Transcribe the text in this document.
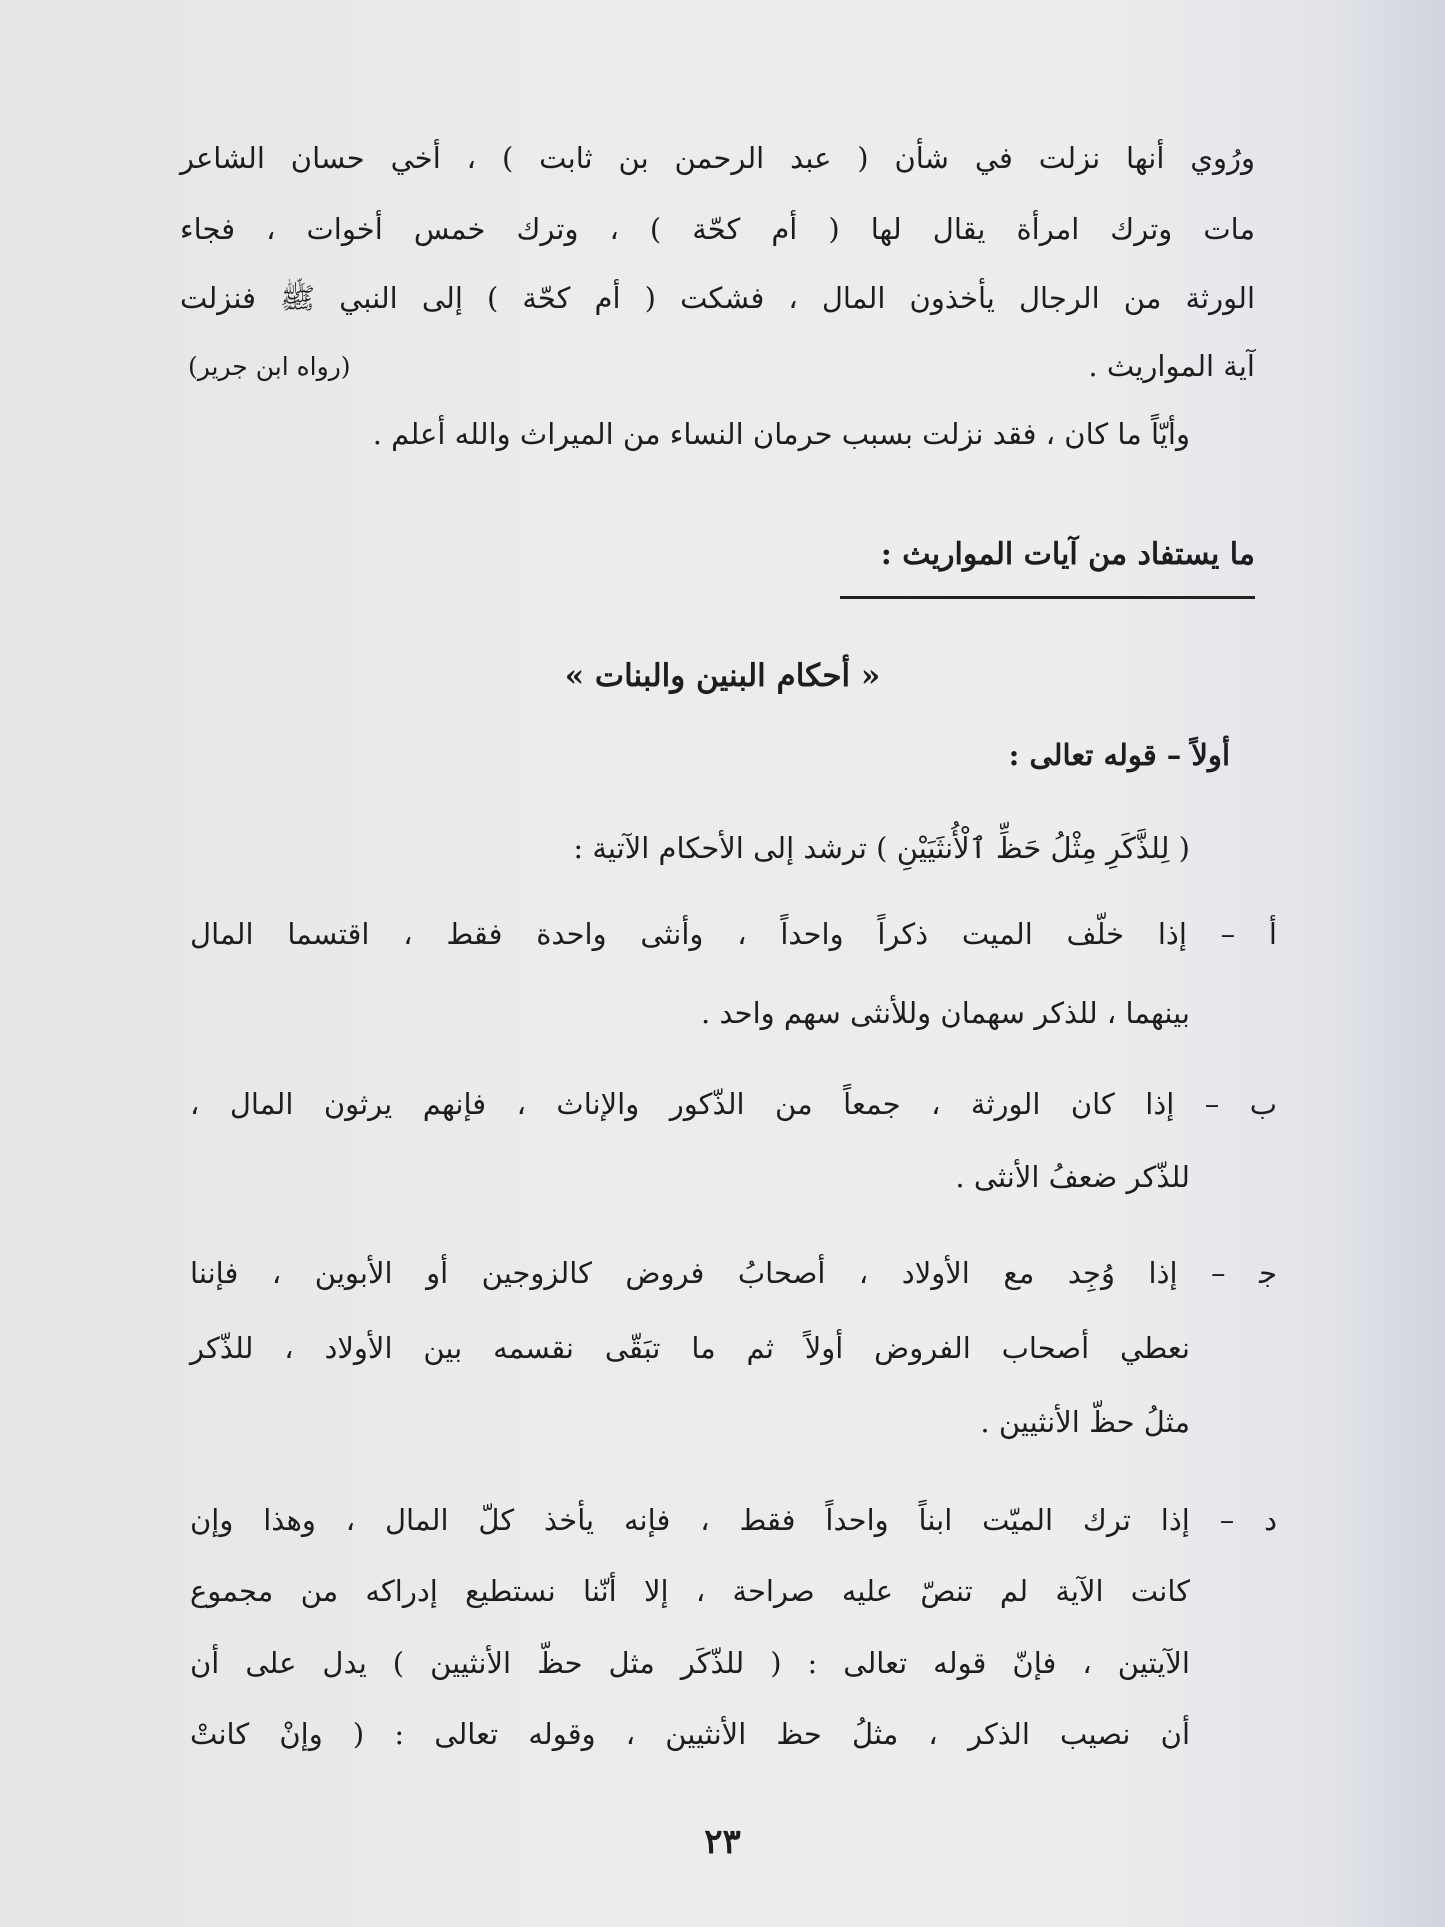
ورُوي أنها نزلت في شأن ( عبد الرحمن بن ثابت ) ، أخي حسان الشاعر
مات وترك امرأة يقال لها ( أم كحّة ) ، وترك خمس أخوات ، فجاء
الورثة من الرجال يأخذون المال ، فشكت ( أم كحّة ) إلى النبي ﷺ فنزلت
آية المواريث .
(رواه ابن جرير)
وأيّاً ما كان ، فقد نزلت بسبب حرمان النساء من الميراث والله أعلم .
ما يستفاد من آيات المواريث :
« أحكام البنين والبنات »
أولاً – قوله تعالى :
( لِلذَّكَرِ مِثْلُ حَظِّ ٱلْأُنثَيَيْنِ ) ترشد إلى الأحكام الآتية :
أ – إذا خلّف الميت ذكراً واحداً ، وأنثى واحدة فقط ، اقتسما المال
بينهما ، للذكر سهمان وللأنثى سهم واحد .
ب – إذا كان الورثة ، جمعاً من الذّكور والإناث ، فإنهم يرثون المال ،
للذّكر ضعفُ الأنثى .
ﺟ – إذا وُجِد مع الأولاد ، أصحابُ فروض كالزوجين أو الأبوين ، فإننا
نعطي أصحاب الفروض أولاً ثم ما تبَقّى نقسمه بين الأولاد ، للذّكر
مثلُ حظّ الأنثيين .
د – إذا ترك الميّت ابناً واحداً فقط ، فإنه يأخذ كلّ المال ، وهذا وإن
كانت الآية لم تنصّ عليه صراحة ، إلا أنّنا نستطيع إدراكه من مجموع
الآيتين ، فإنّ قوله تعالى : ( للذّكَر مثل حظّ الأنثيين ) يدل على أن
أن نصيب الذكر ، مثلُ حظ الأنثيين ، وقوله تعالى : ( وإنْ كانتْ
٢٣
